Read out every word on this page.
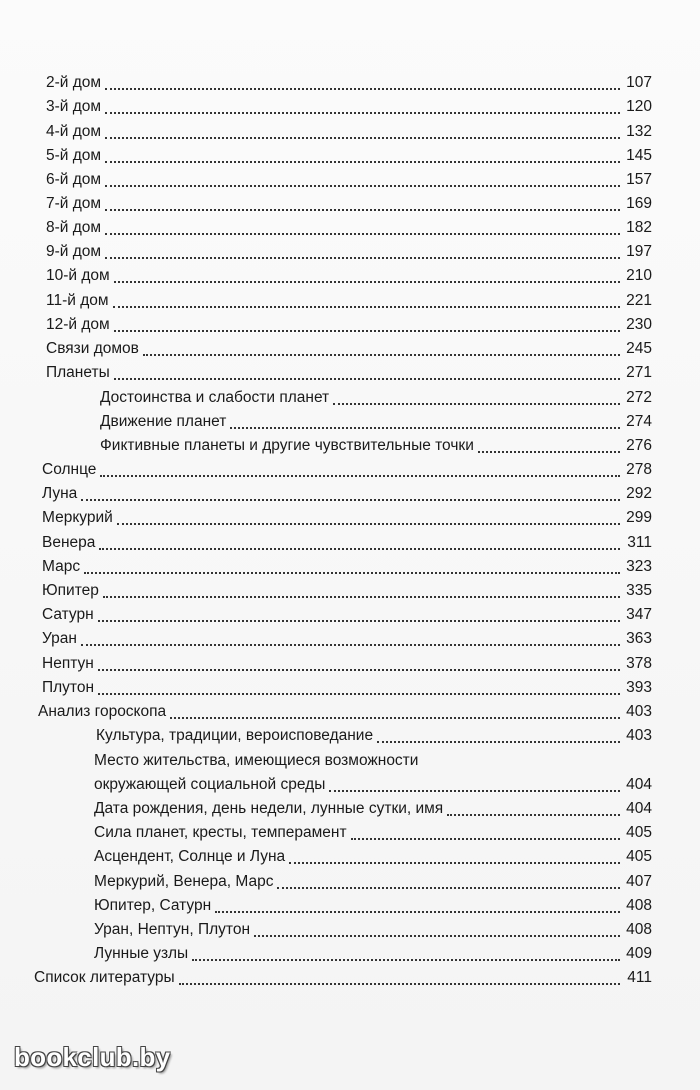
2-й дом	107
3-й дом	120
4-й дом	132
5-й дом	145
6-й дом	157
7-й дом	169
8-й дом	182
9-й дом	197
10-й дом	210
11-й дом	221
12-й дом	230
Связи домов	245
Планеты	271
Достоинства и слабости планет	272
Движение планет	274
Фиктивные планеты и другие чувствительные точки	276
Солнце	278
Луна	292
Меркурий	299
Венера	311
Марс	323
Юпитер	335
Сатурн	347
Уран	363
Нептун	378
Плутон	393
Анализ гороскопа	403
Культура, традиции, вероисповедание	403
Место жительства, имеющиеся возможности
окружающей социальной среды	404
Дата рождения, день недели, лунные сутки, имя	404
Сила планет, кресты, темперамент	405
Асцендент, Солнце и Луна	405
Меркурий, Венера, Марс	407
Юпитер, Сатурн	408
Уран, Нептун, Плутон	408
Лунные узлы	409
Список литературы	411
bookclub.by
